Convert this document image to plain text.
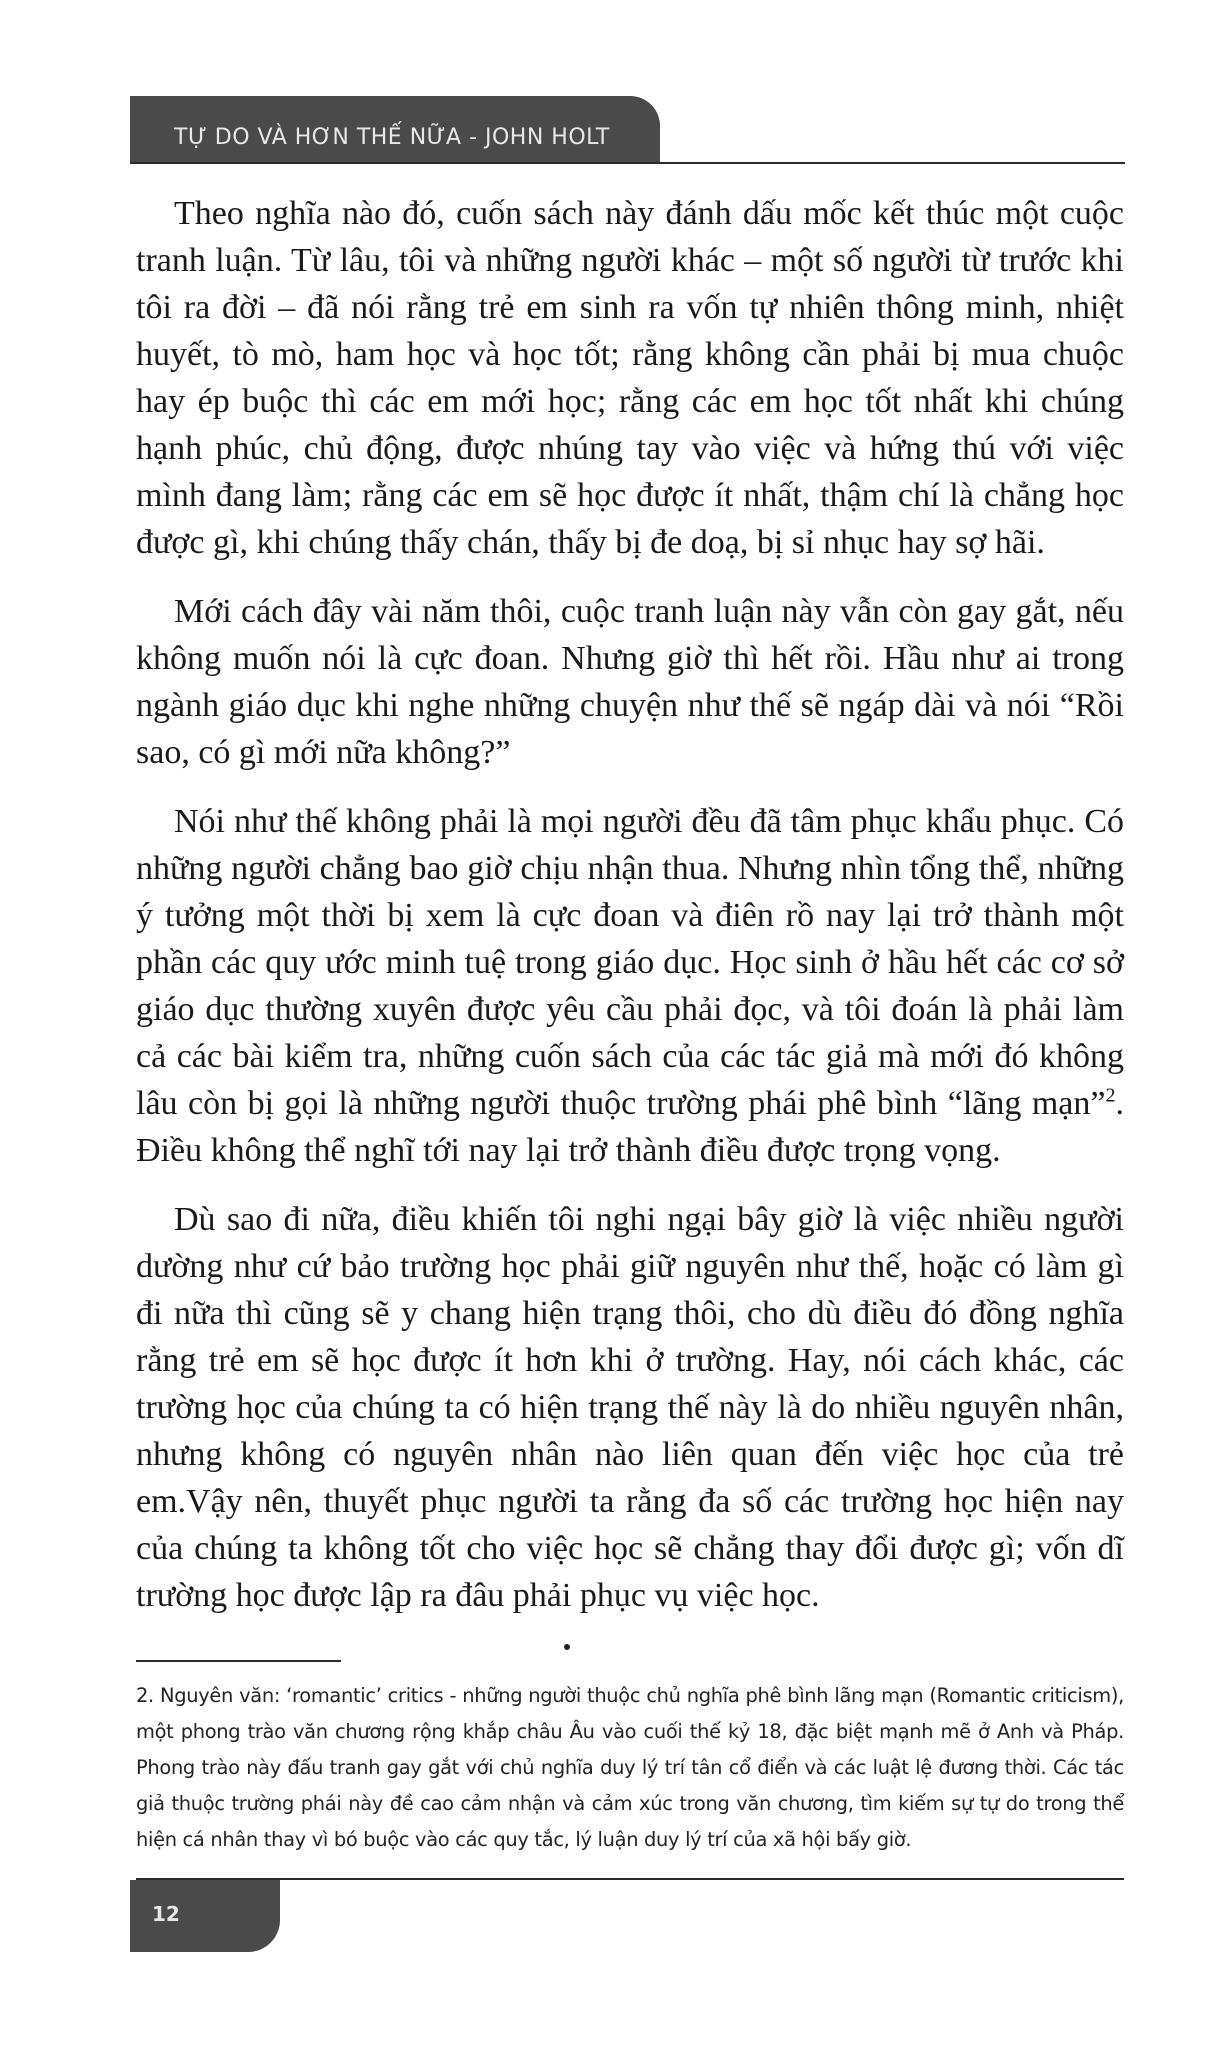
TỰ DO VÀ HƠN THẾ NỮA - JOHN HOLT

Theo nghĩa nào đó, cuốn sách này đánh dấu mốc kết thúc một cuộc tranh luận. Từ lâu, tôi và những người khác – một số người từ trước khi tôi ra đời – đã nói rằng trẻ em sinh ra vốn tự nhiên thông minh, nhiệt huyết, tò mò, ham học và học tốt; rằng không cần phải bị mua chuộc hay ép buộc thì các em mới học; rằng các em học tốt nhất khi chúng hạnh phúc, chủ động, được nhúng tay vào việc và hứng thú với việc mình đang làm; rằng các em sẽ học được ít nhất, thậm chí là chẳng học được gì, khi chúng thấy chán, thấy bị đe doạ, bị sỉ nhục hay sợ hãi.

Mới cách đây vài năm thôi, cuộc tranh luận này vẫn còn gay gắt, nếu không muốn nói là cực đoan. Nhưng giờ thì hết rồi. Hầu như ai trong ngành giáo dục khi nghe những chuyện như thế sẽ ngáp dài và nói “Rồi sao, có gì mới nữa không?”

Nói như thế không phải là mọi người đều đã tâm phục khẩu phục. Có những người chẳng bao giờ chịu nhận thua. Nhưng nhìn tổng thể, những ý tưởng một thời bị xem là cực đoan và điên rồ nay lại trở thành một phần các quy ước minh tuệ trong giáo dục. Học sinh ở hầu hết các cơ sở giáo dục thường xuyên được yêu cầu phải đọc, và tôi đoán là phải làm cả các bài kiểm tra, những cuốn sách của các tác giả mà mới đó không lâu còn bị gọi là những người thuộc trường phái phê bình “lãng mạn”$^2$. Điều không thể nghĩ tới nay lại trở thành điều được trọng vọng.

Dù sao đi nữa, điều khiến tôi nghi ngại bây giờ là việc nhiều người dường như cứ bảo trường học phải giữ nguyên như thế, hoặc có làm gì đi nữa thì cũng sẽ y chang hiện trạng thôi, cho dù điều đó đồng nghĩa rằng trẻ em sẽ học được ít hơn khi ở trường. Hay, nói cách khác, các trường học của chúng ta có hiện trạng thế này là do nhiều nguyên nhân, nhưng không có nguyên nhân nào liên quan đến việc học của trẻ em.Vậy nên, thuyết phục người ta rằng đa số các trường học hiện nay của chúng ta không tốt cho việc học sẽ chẳng thay đổi được gì; vốn dĩ trường học được lập ra đâu phải phục vụ việc học.

2. Nguyên văn: ‘romantic’ critics - những người thuộc chủ nghĩa phê bình lãng mạn (Romantic criticism), một phong trào văn chương rộng khắp châu Âu vào cuối thế kỷ 18, đặc biệt mạnh mẽ ở Anh và Pháp. Phong trào này đấu tranh gay gắt với chủ nghĩa duy lý trí tân cổ điển và các luật lệ đương thời. Các tác giả thuộc trường phái này đề cao cảm nhận và cảm xúc trong văn chương, tìm kiếm sự tự do trong thể hiện cá nhân thay vì bó buộc vào các quy tắc, lý luận duy lý trí của xã hội bấy giờ.
12
